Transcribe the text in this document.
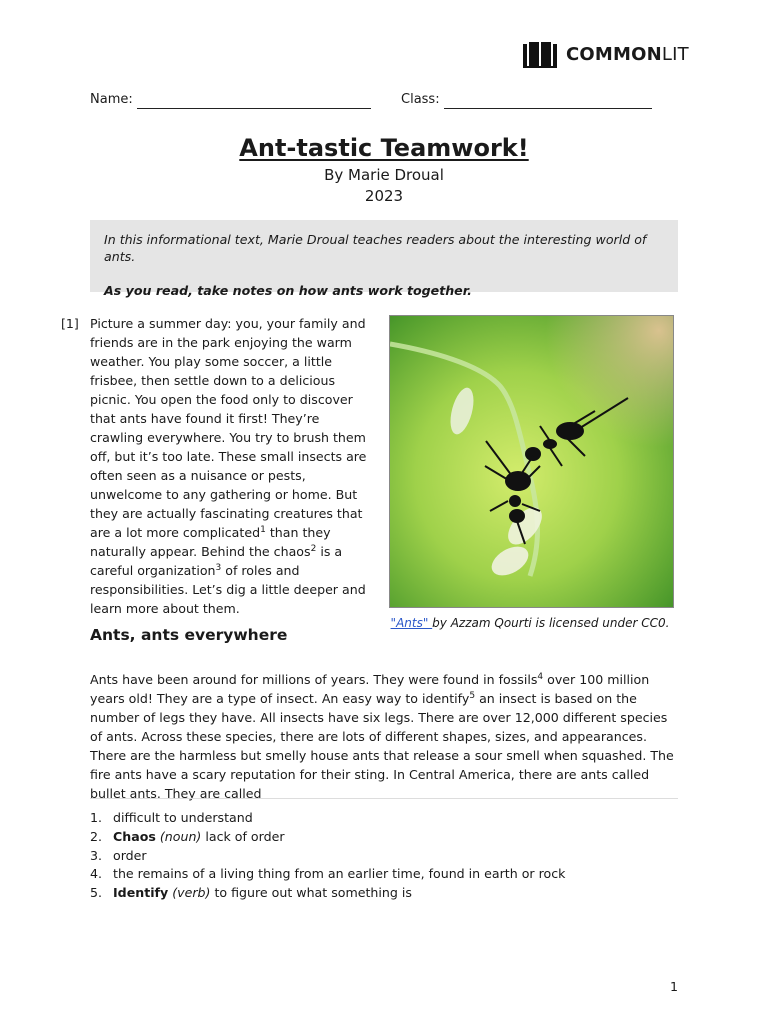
COMMONLIT
Name:	Class:
Ant-tastic Teamwork!
By Marie Droual
2023

In this informational text, Marie Droual teaches readers about the interesting world of ants.

As you read, take notes on how ants work together.

[1] Picture a summer day: you, your family and friends are in the park enjoying the warm weather. You play some soccer, a little frisbee, then settle down to a delicious picnic. You open the food only to discover that ants have found it first! They’re crawling everywhere. You try to brush them off, but it’s too late. These small insects are often seen as a nuisance or pests, unwelcome to any gathering or home. But they are actually fascinating creatures that are a lot more complicated$^1$ than they naturally appear. Behind the chaos$^2$ is a careful organization$^3$ of roles and responsibilities. Let’s dig a little deeper and learn more about them.

"Ants" by Azzam Qourti is licensed under CC0.
Ants, ants everywhere

Ants have been around for millions of years. They were found in fossils$^4$ over 100 million years old! They are a type of insect. An easy way to identify$^5$ an insect is based on the number of legs they have. All insects have six legs. There are over 12,000 different species of ants. Across these species, there are lots of different shapes, sizes, and appearances. There are the harmless but smelly house ants that release a sour smell when squashed. The fire ants have a scary reputation for their sting. In Central America, there are ants called bullet ants. They are called

1. difficult to understand
2. Chaos (noun) lack of order
3. order
4. the remains of a living thing from an earlier time, found in earth or rock
5. Identify (verb) to figure out what something is
1
